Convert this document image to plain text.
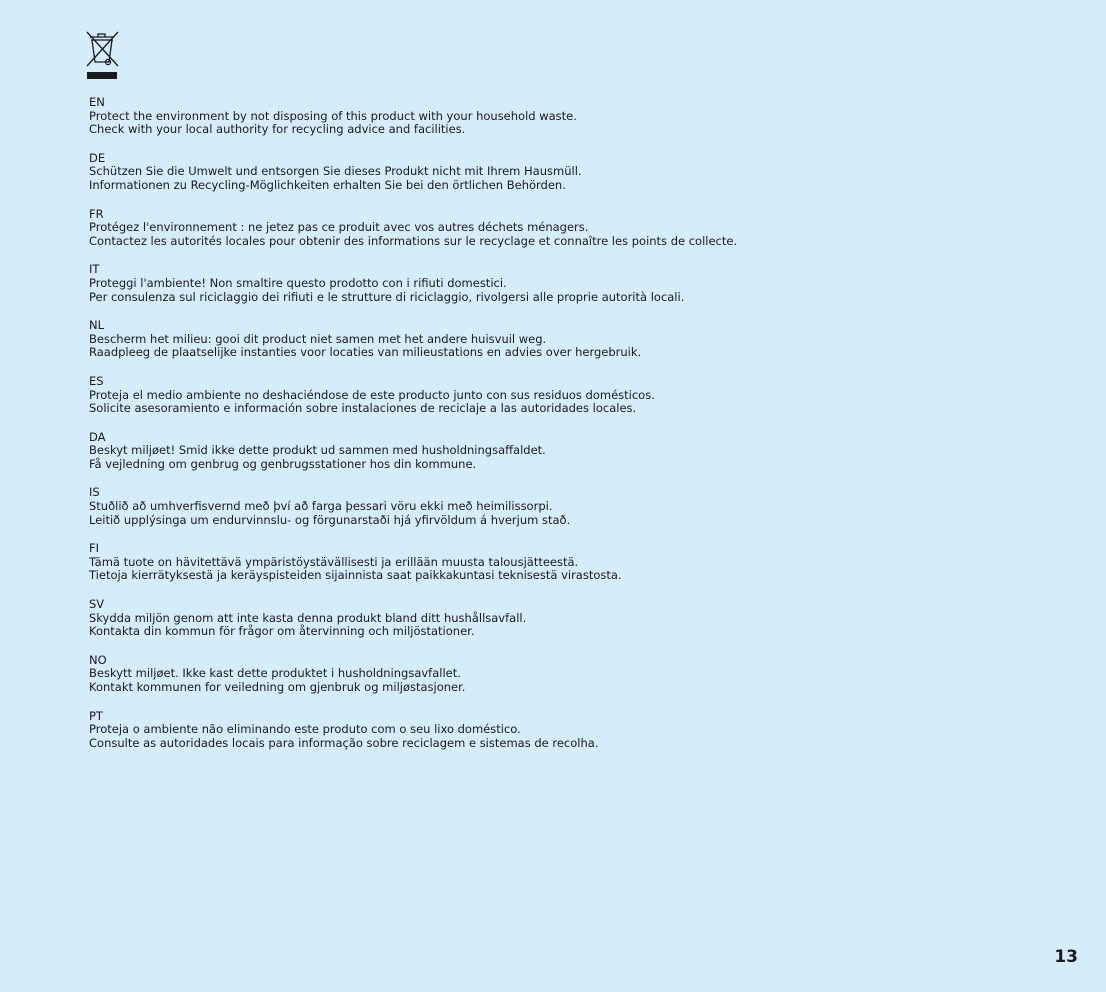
EN
Protect the environment by not disposing of this product with your household waste.
Check with your local authority for recycling advice and facilities.
DE
Schützen Sie die Umwelt und entsorgen Sie dieses Produkt nicht mit Ihrem Hausmüll.
Informationen zu Recycling-Möglichkeiten erhalten Sie bei den örtlichen Behörden.
FR
Protégez l'environnement : ne jetez pas ce produit avec vos autres déchets ménagers.
Contactez les autorités locales pour obtenir des informations sur le recyclage et connaître les points de collecte.
IT
Proteggi l'ambiente! Non smaltire questo prodotto con i rifiuti domestici.
Per consulenza sul riciclaggio dei rifiuti e le strutture di riciclaggio, rivolgersi alle proprie autorità locali.
NL
Bescherm het milieu: gooi dit product niet samen met het andere huisvuil weg.
Raadpleeg de plaatselijke instanties voor locaties van milieustations en advies over hergebruik.
ES
Proteja el medio ambiente no deshaciéndose de este producto junto con sus residuos domésticos.
Solicite asesoramiento e información sobre instalaciones de reciclaje a las autoridades locales.
DA
Beskyt miljøet! Smid ikke dette produkt ud sammen med husholdningsaffaldet.
Få vejledning om genbrug og genbrugsstationer hos din kommune.
IS
Stuðlið að umhverfisvernd með því að farga þessari vöru ekki með heimilissorpi.
Leitið upplýsinga um endurvinnslu- og förgunarstaði hjá yfirvöldum á hverjum stað.
FI
Tämä tuote on hävitettävä ympäristöystävällisesti ja erillään muusta talousjätteestä.
Tietoja kierrätyksestä ja keräyspisteiden sijainnista saat paikkakuntasi teknisestä virastosta.
SV
Skydda miljön genom att inte kasta denna produkt bland ditt hushållsavfall.
Kontakta din kommun för frågor om återvinning och miljöstationer.
NO
Beskytt miljøet. Ikke kast dette produktet i husholdningsavfallet.
Kontakt kommunen for veiledning om gjenbruk og miljøstasjoner.
PT
Proteja o ambiente não eliminando este produto com o seu lixo doméstico.
Consulte as autoridades locais para informação sobre reciclagem e sistemas de recolha.
13
